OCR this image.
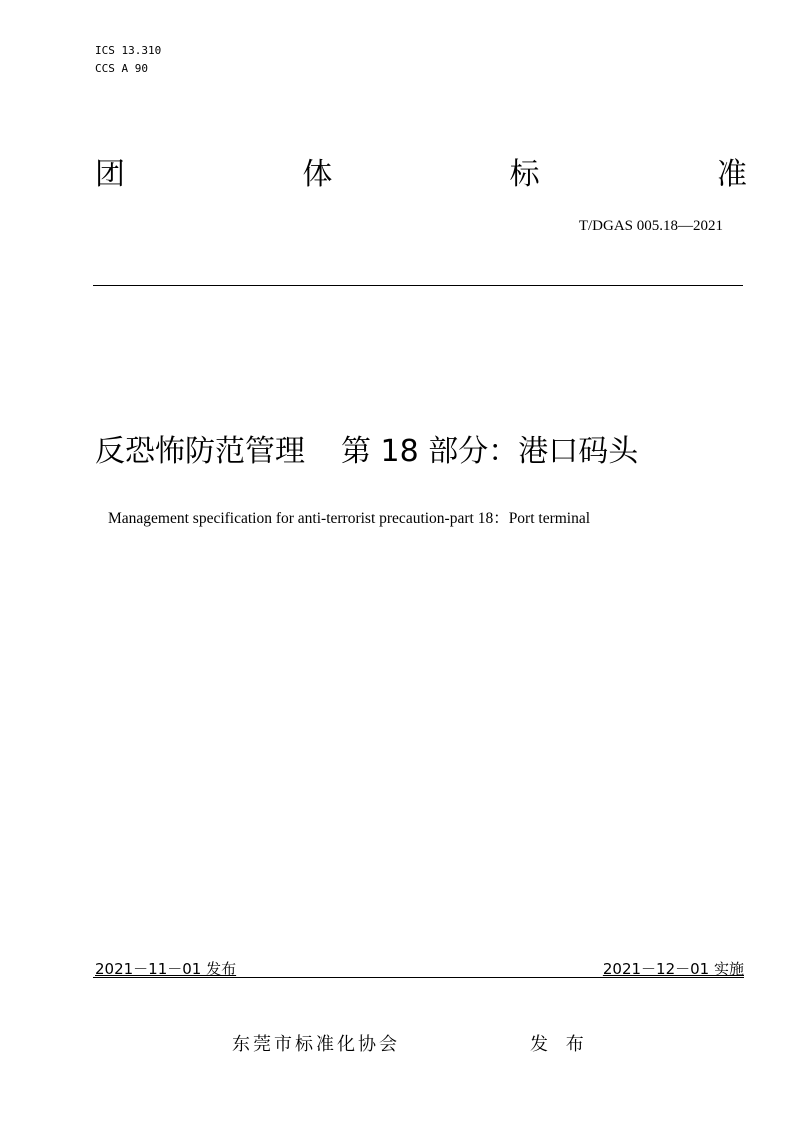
ICS 13.310
CCS A 90
团	体	标	准
T/DGAS 005.18—2021
反恐怖防范管理 第 18 部分：港口码头
Management specification for anti-terrorist precaution-part 18：Port terminal
2021－11－01 发布	2021－12－01 实施
东莞市标准化协会	发 布
